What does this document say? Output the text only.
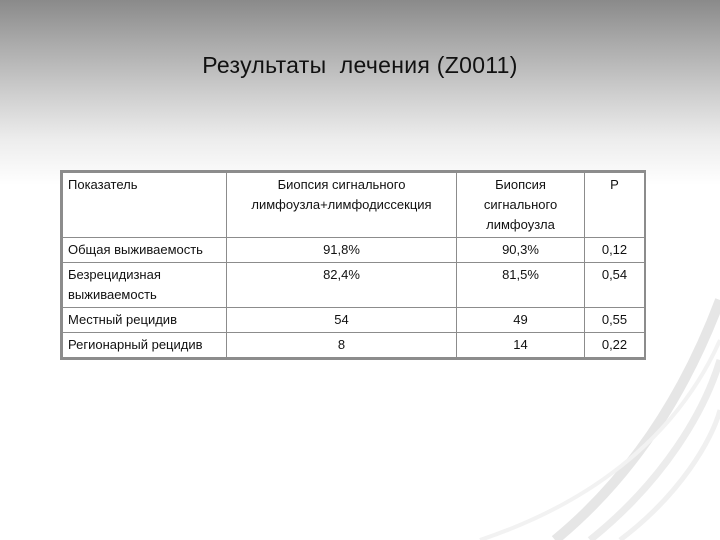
Результаты  лечения (Z0011)
Показатель	Биопсия сигнального лимфоузла+лимфодиссекция	Биопсия сигнального лимфоузла	P
Общая выживаемость	91,8%	90,3%	0,12
Безрецидизная выживаемость	82,4%	81,5%	0,54
Местный рецидив	54	49	0,55
Регионарный рецидив	8	14	0,22
